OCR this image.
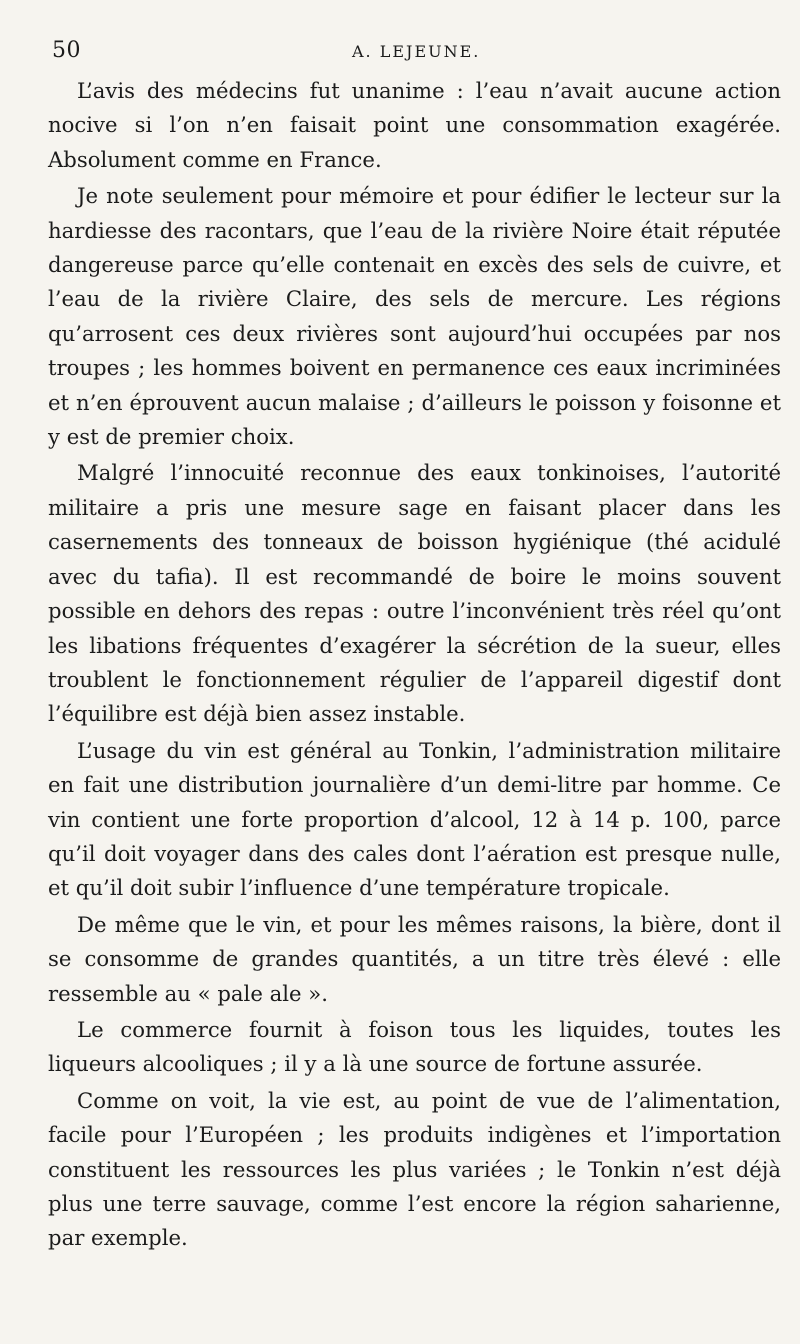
50	A. LEJEUNE.

L’avis des médecins fut unanime : l’eau n’avait aucune action nocive si l’on n’en faisait point une consommation exagérée. Absolument comme en France.

Je note seulement pour mémoire et pour édifier le lecteur sur la hardiesse des racontars, que l’eau de la rivière Noire était réputée dangereuse parce qu’elle contenait en excès des sels de cuivre, et l’eau de la rivière Claire, des sels de mercure. Les régions qu’arrosent ces deux rivières sont aujourd’hui occupées par nos troupes ; les hommes boivent en permanence ces eaux incriminées et n’en éprouvent aucun malaise ; d’ailleurs le poisson y foisonne et y est de premier choix.

Malgré l’innocuité reconnue des eaux tonkinoises, l’autorité militaire a pris une mesure sage en faisant placer dans les casernements des tonneaux de boisson hygiénique (thé acidulé avec du tafia). Il est recommandé de boire le moins souvent possible en dehors des repas : outre l’inconvénient très réel qu’ont les libations fréquentes d’exagérer la sécrétion de la sueur, elles troublent le fonctionnement régulier de l’appareil digestif dont l’équilibre est déjà bien assez instable.

L’usage du vin est général au Tonkin, l’administration militaire en fait une distribution journalière d’un demi-litre par homme. Ce vin contient une forte proportion d’alcool, 12 à 14 p. 100, parce qu’il doit voyager dans des cales dont l’aération est presque nulle, et qu’il doit subir l’influence d’une température tropicale.

De même que le vin, et pour les mêmes raisons, la bière, dont il se consomme de grandes quantités, a un titre très élevé : elle ressemble au « pale ale ».

Le commerce fournit à foison tous les liquides, toutes les liqueurs alcooliques ; il y a là une source de fortune assurée.

Comme on voit, la vie est, au point de vue de l’alimentation, facile pour l’Européen ; les produits indigènes et l’importation constituent les ressources les plus variées ; le Tonkin n’est déjà plus une terre sauvage, comme l’est encore la région saharienne, par exemple.
